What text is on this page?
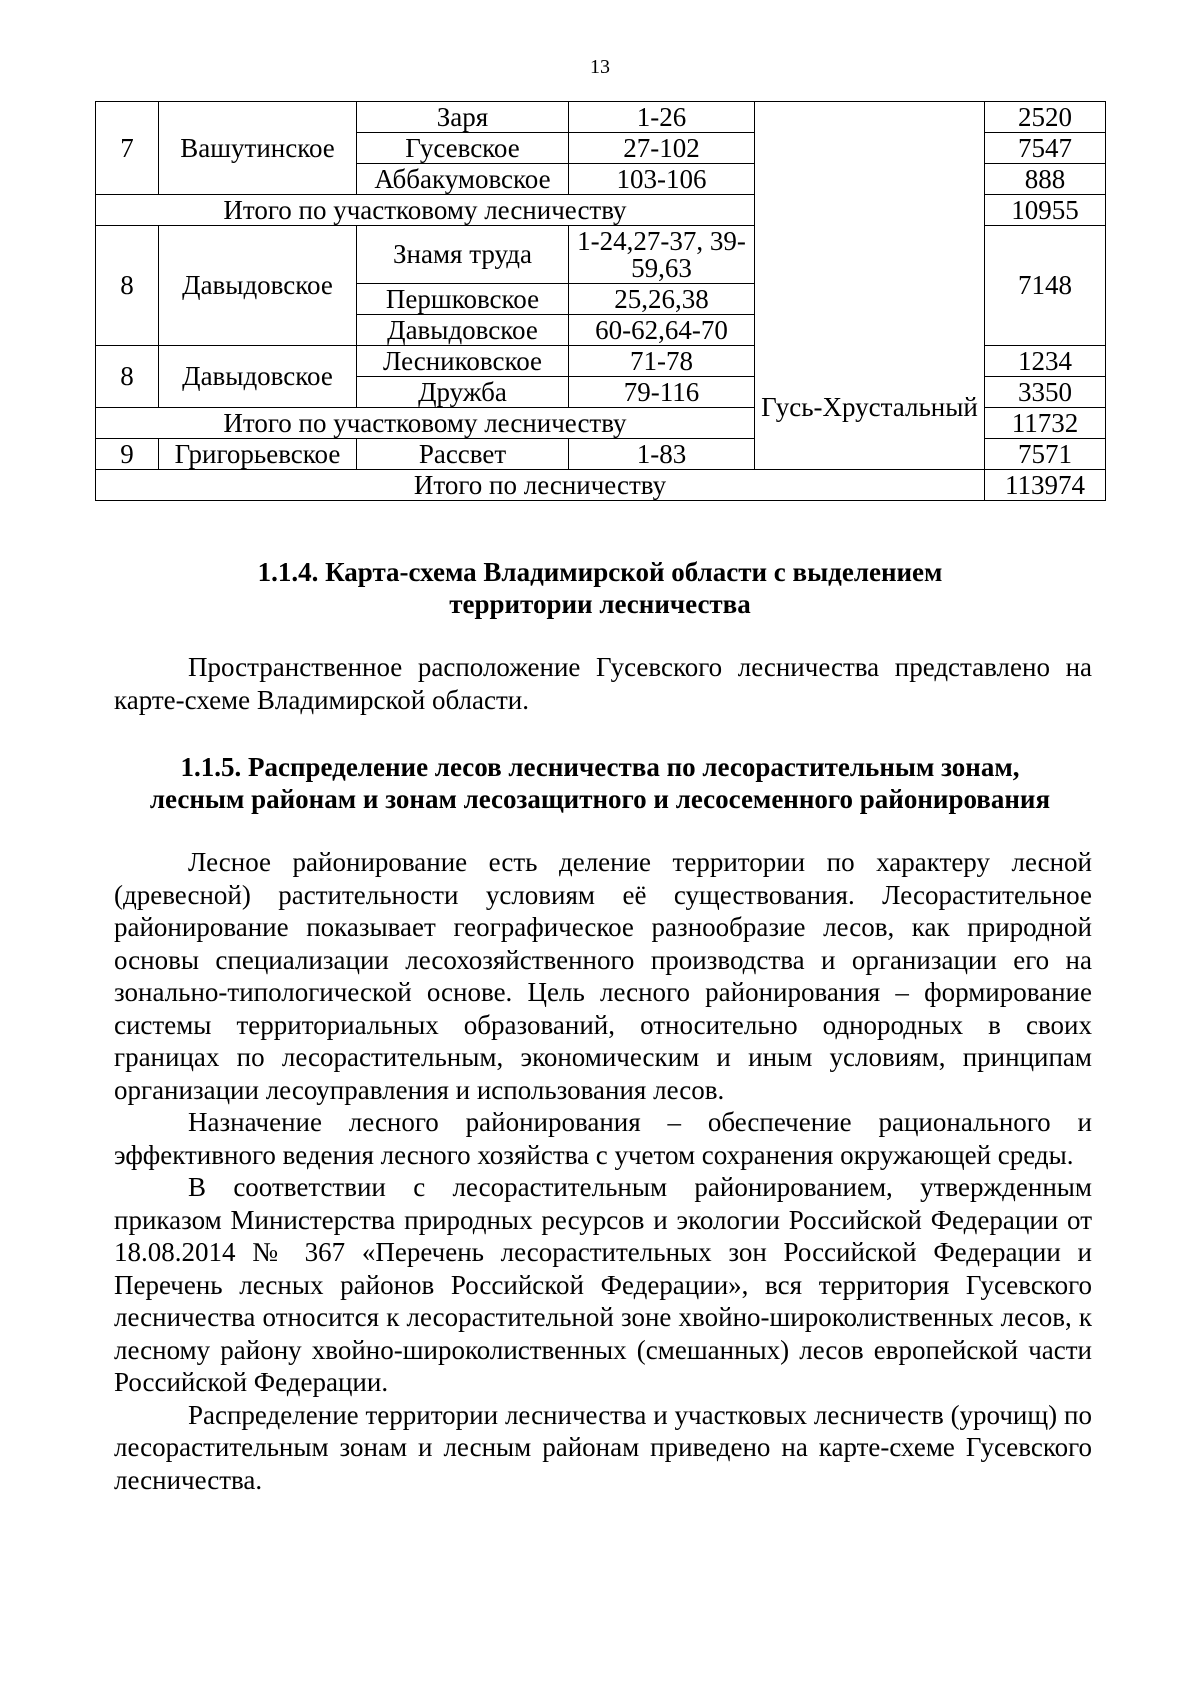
13
7	Вашутинское	Заря	1-26		2520
		Гусевское	27-102		7547
		Аббакумовское	103-106		888
Итого по участковому лесничеству					10955
8	Давыдовское	Знамя труда	1-24,27-37, 39-59,63		7148
		Першковское	25,26,38		
		Давыдовское	60-62,64-70		
8	Давыдовское	Лесниковское	71-78	Гусь-Хрустальный	1234
		Дружба	79-116		3350
Итого по участковому лесничеству					11732
9	Григорьевское	Рассвет	1-83		7571
Итого по лесничеству					113974
1.1.4. Карта-схема Владимирской области с выделением
территории лесничества

Пространственное расположение Гусевского лесничества представлено на карте-схеме Владимирской области.

1.1.5. Распределение лесов лесничества по лесорастительным зонам,
лесным районам и зонам лесозащитного и лесосеменного районирования

Лесное районирование есть деление территории по характеру лесной (древесной) растительности условиям её существования. Лесорастительное районирование показывает географическое разнообразие лесов, как природной основы специализации лесохозяйственного производства и организации его на зонально-типологической основе. Цель лесного районирования – формирование системы территориальных образований, относительно однородных в своих границах по лесорастительным, экономическим и иным условиям, принципам организации лесоуправления и использования лесов.

Назначение лесного районирования – обеспечение рационального и эффективного ведения лесного хозяйства с учетом сохранения окружающей среды.

В соответствии с лесорастительным районированием, утвержденным приказом Министерства природных ресурсов и экологии Российской Федерации от 18.08.2014 № 367 «Перечень лесорастительных зон Российской Федерации и Перечень лесных районов Российской Федерации», вся территория Гусевского лесничества относится к лесорастительной зоне хвойно-широколиственных лесов, к лесному району хвойно-широколиственных (смешанных) лесов европейской части Российской Федерации.

Распределение территории лесничества и участковых лесничеств (урочищ) по лесорастительным зонам и лесным районам приведено на карте-схеме Гусевского лесничества.
